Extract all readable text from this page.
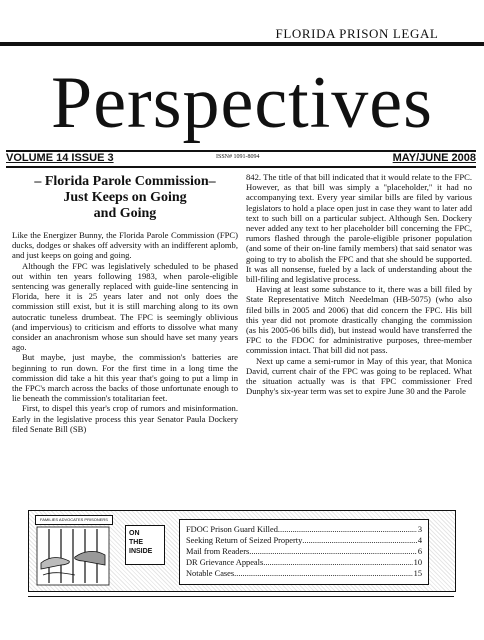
FLORIDA PRISON LEGAL
Perspectives
VOLUME 14 ISSUE 3	ISSN# 1091-8094	MAY/JUNE 2008
– Florida Parole Commission–
Just Keeps on Going
and Going

Like the Energizer Bunny, the Florida Parole Commission (FPC) ducks, dodges or shakes off adversity with an indifferent aplomb, and just keeps on going and going.

Although the FPC was legislatively scheduled to be phased out within ten years following 1983, when parole-eligible sentencing was generally replaced with guide-line sentencing in Florida, here it is 25 years later and not only does the commission still exist, but it is still marching along to its own autocratic tuneless drumbeat. The FPC is seemingly oblivious (and impervious) to criticism and efforts to dissolve what many consider an anachronism whose sun should have set many years ago.

But maybe, just maybe, the commission's batteries are beginning to run down. For the first time in a long time the commission did take a hit this year that's going to put a limp in the FPC's march across the backs of those unfortunate enough to lie beneath the commission's totalitarian feet.

First, to dispel this year's crop of rumors and misinformation. Early in the legislative process this year Senator Paula Dockery filed Senate Bill (SB)

842. The title of that bill indicated that it would relate to the FPC. However, as that bill was simply a "placeholder," it had no accompanying text. Every year similar bills are filed by various legislators to hold a place open just in case they want to later add text to such bill on a particular subject. Although Sen. Dockery never added any text to her placeholder bill concerning the FPC, rumors flashed through the parole-eligible prisoner population (and some of their on-line family members) that said senator was going to try to abolish the FPC and that she should be supported. It was all nonsense, fueled by a lack of understanding about the bill-filing and legislative process.

Having at least some substance to it, there was a bill filed by State Representative Mitch Needelman (HB-5075) (who also filed bills in 2005 and 2006) that did concern the FPC. His bill this year did not promote drastically changing the commission (as his 2005-06 bills did), but instead would have transferred the FPC to the FDOC for administrative purposes, three-member commission intact. That bill did not pass.

Next up came a semi-rumor in May of this year, that Monica David, current chair of the FPC was going to be replaced. What the situation actually was is that FPC commissioner Fred Dunphy's six-year term was set to expire June 30 and the Parole

FAMILIES ADVOCATES PRISONERS
ON
THE
INSIDE
FDOC Prison Guard Killed .....	3
Seeking Return of Seized Property .....	4
Mail from Readers .....	6
DR Grievance Appeals .....	10
Notable Cases .....	15
